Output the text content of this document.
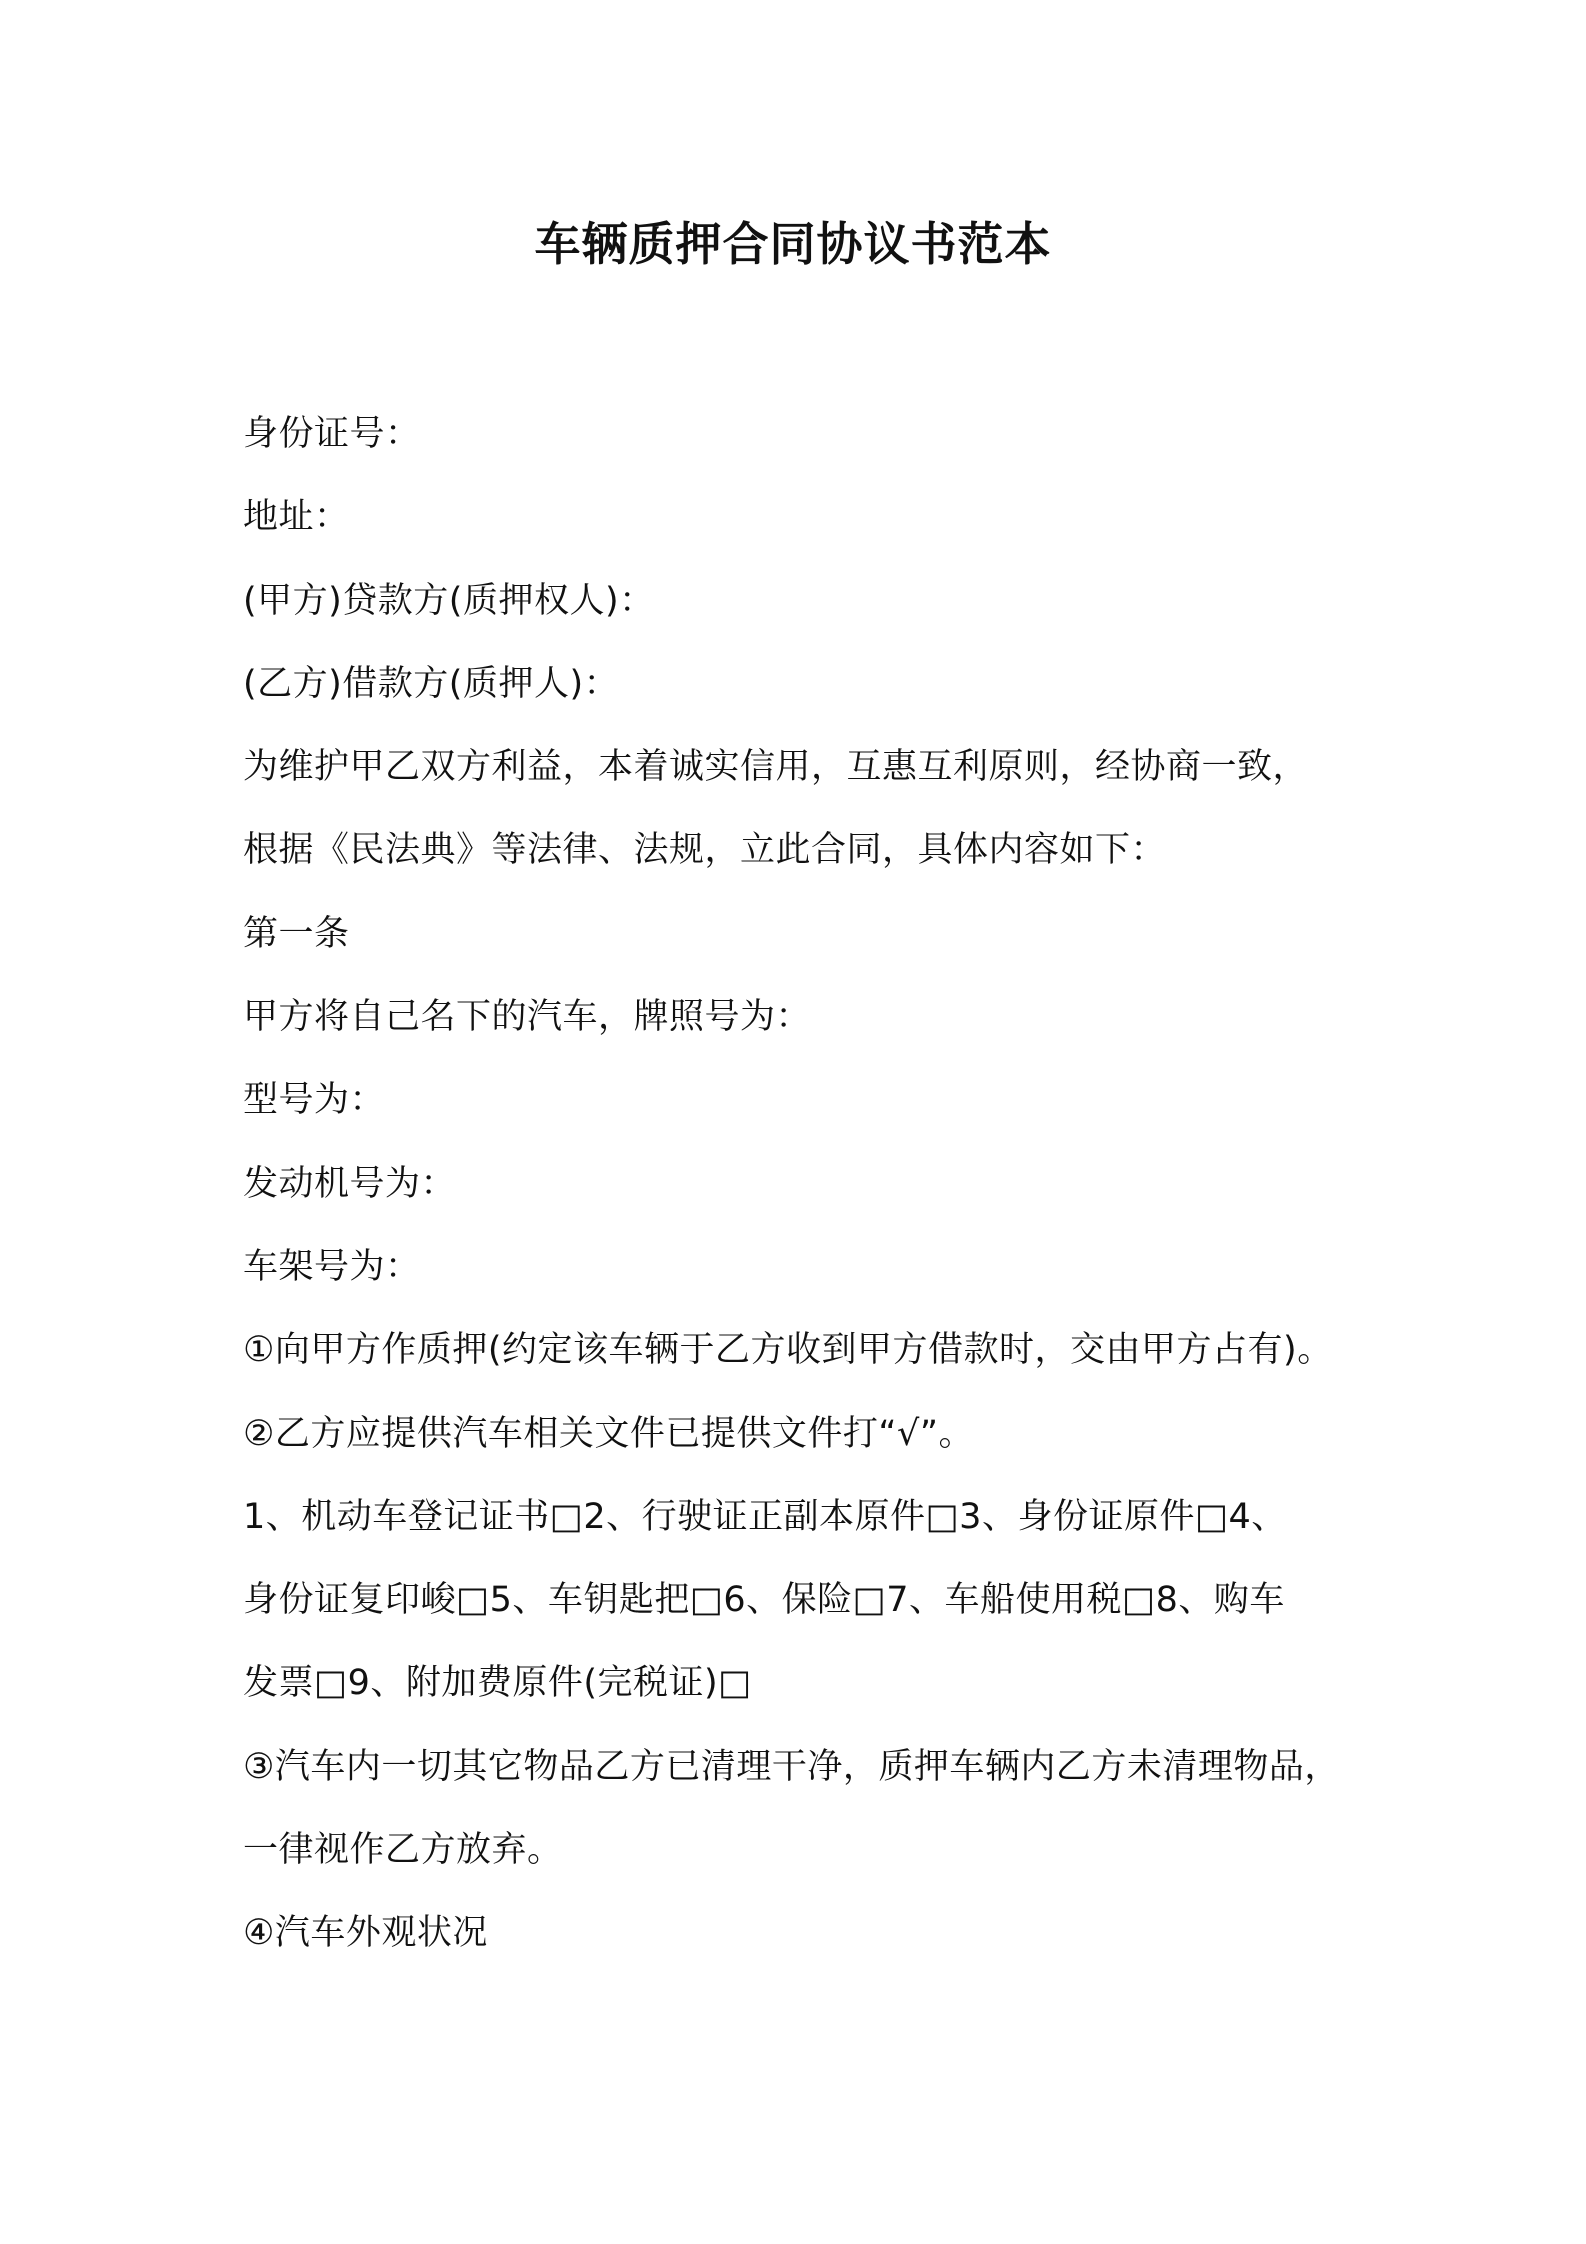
车辆质押合同协议书范本
身份证号：
地址：
(甲方)贷款方(质押权人)：
(乙方)借款方(质押人)：
为维护甲乙双方利益，本着诚实信用，互惠互利原则，经协商一致，
根据《民法典》等法律、法规，立此合同，具体内容如下：
第一条
甲方将自己名下的汽车，牌照号为：
型号为：
发动机号为：
车架号为：
①向甲方作质押(约定该车辆于乙方收到甲方借款时，交由甲方占有)。
②乙方应提供汽车相关文件已提供文件打“√”。
1、机动车登记证书□2、行驶证正副本原件□3、身份证原件□4、
身份证复印峻□5、车钥匙把□6、保险□7、车船使用税□8、购车
发票□9、附加费原件(完税证)□
③汽车内一切其它物品乙方已清理干净，质押车辆内乙方未清理物品，
一律视作乙方放弃。
④汽车外观状况
